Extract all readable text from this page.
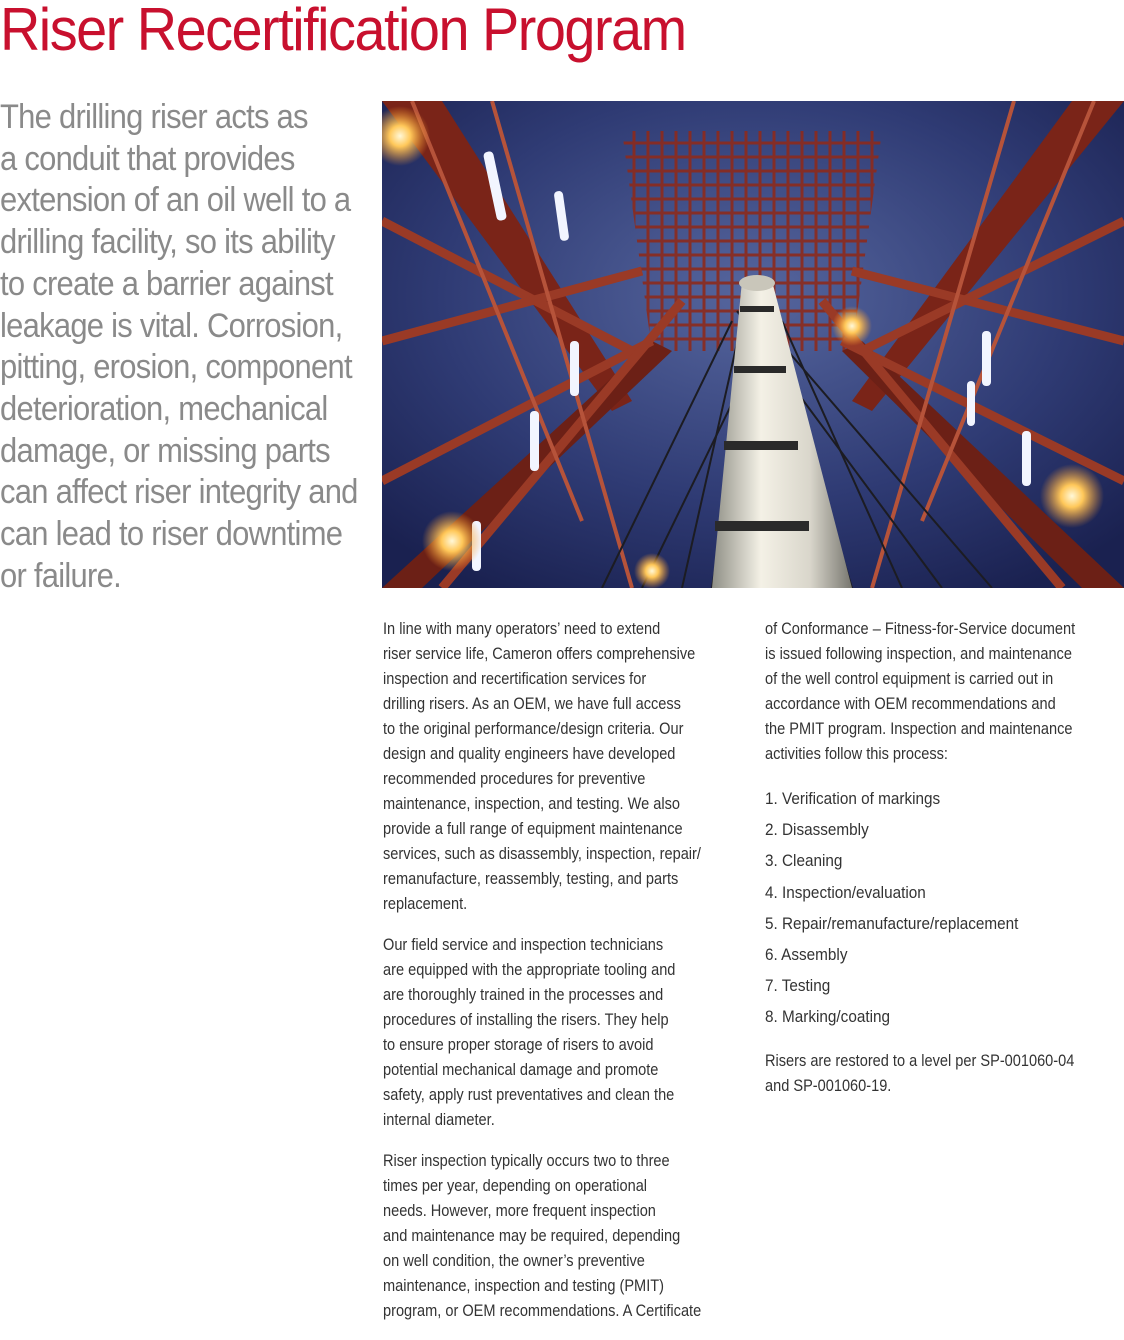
Riser Recertification Program
The drilling riser acts as
a conduit that provides
extension of an oil well to a
drilling facility, so its ability
to create a barrier against
leakage is vital. Corrosion,
pitting, erosion, component
deterioration, mechanical
damage, or missing parts
can affect riser integrity and
can lead to riser downtime
or failure.

In line with many operators’ need to extend
riser service life, Cameron offers comprehensive
inspection and recertification services for
drilling risers. As an OEM, we have full access
to the original performance/design criteria. Our
design and quality engineers have developed
recommended procedures for preventive
maintenance, inspection, and testing. We also
provide a full range of equipment maintenance
services, such as disassembly, inspection, repair/
remanufacture, reassembly, testing, and parts
replacement.

Our field service and inspection technicians
are equipped with the appropriate tooling and
are thoroughly trained in the processes and
procedures of installing the risers. They help
to ensure proper storage of risers to avoid
potential mechanical damage and promote
safety, apply rust preventatives and clean the
internal diameter.

Riser inspection typically occurs two to three
times per year, depending on operational
needs. However, more frequent inspection
and maintenance may be required, depending
on well condition, the owner’s preventive
maintenance, inspection and testing (PMIT)
program, or OEM recommendations. A Certificate

of Conformance – Fitness-for-Service document
is issued following inspection, and maintenance
of the well control equipment is carried out in
accordance with OEM recommendations and
the PMIT program. Inspection and maintenance
activities follow this process:

1. Verification of markings
2. Disassembly
3. Cleaning
4. Inspection/evaluation
5. Repair/remanufacture/replacement
6. Assembly
7. Testing
8. Marking/coating

Risers are restored to a level per SP-001060-04
and SP-001060-19.
